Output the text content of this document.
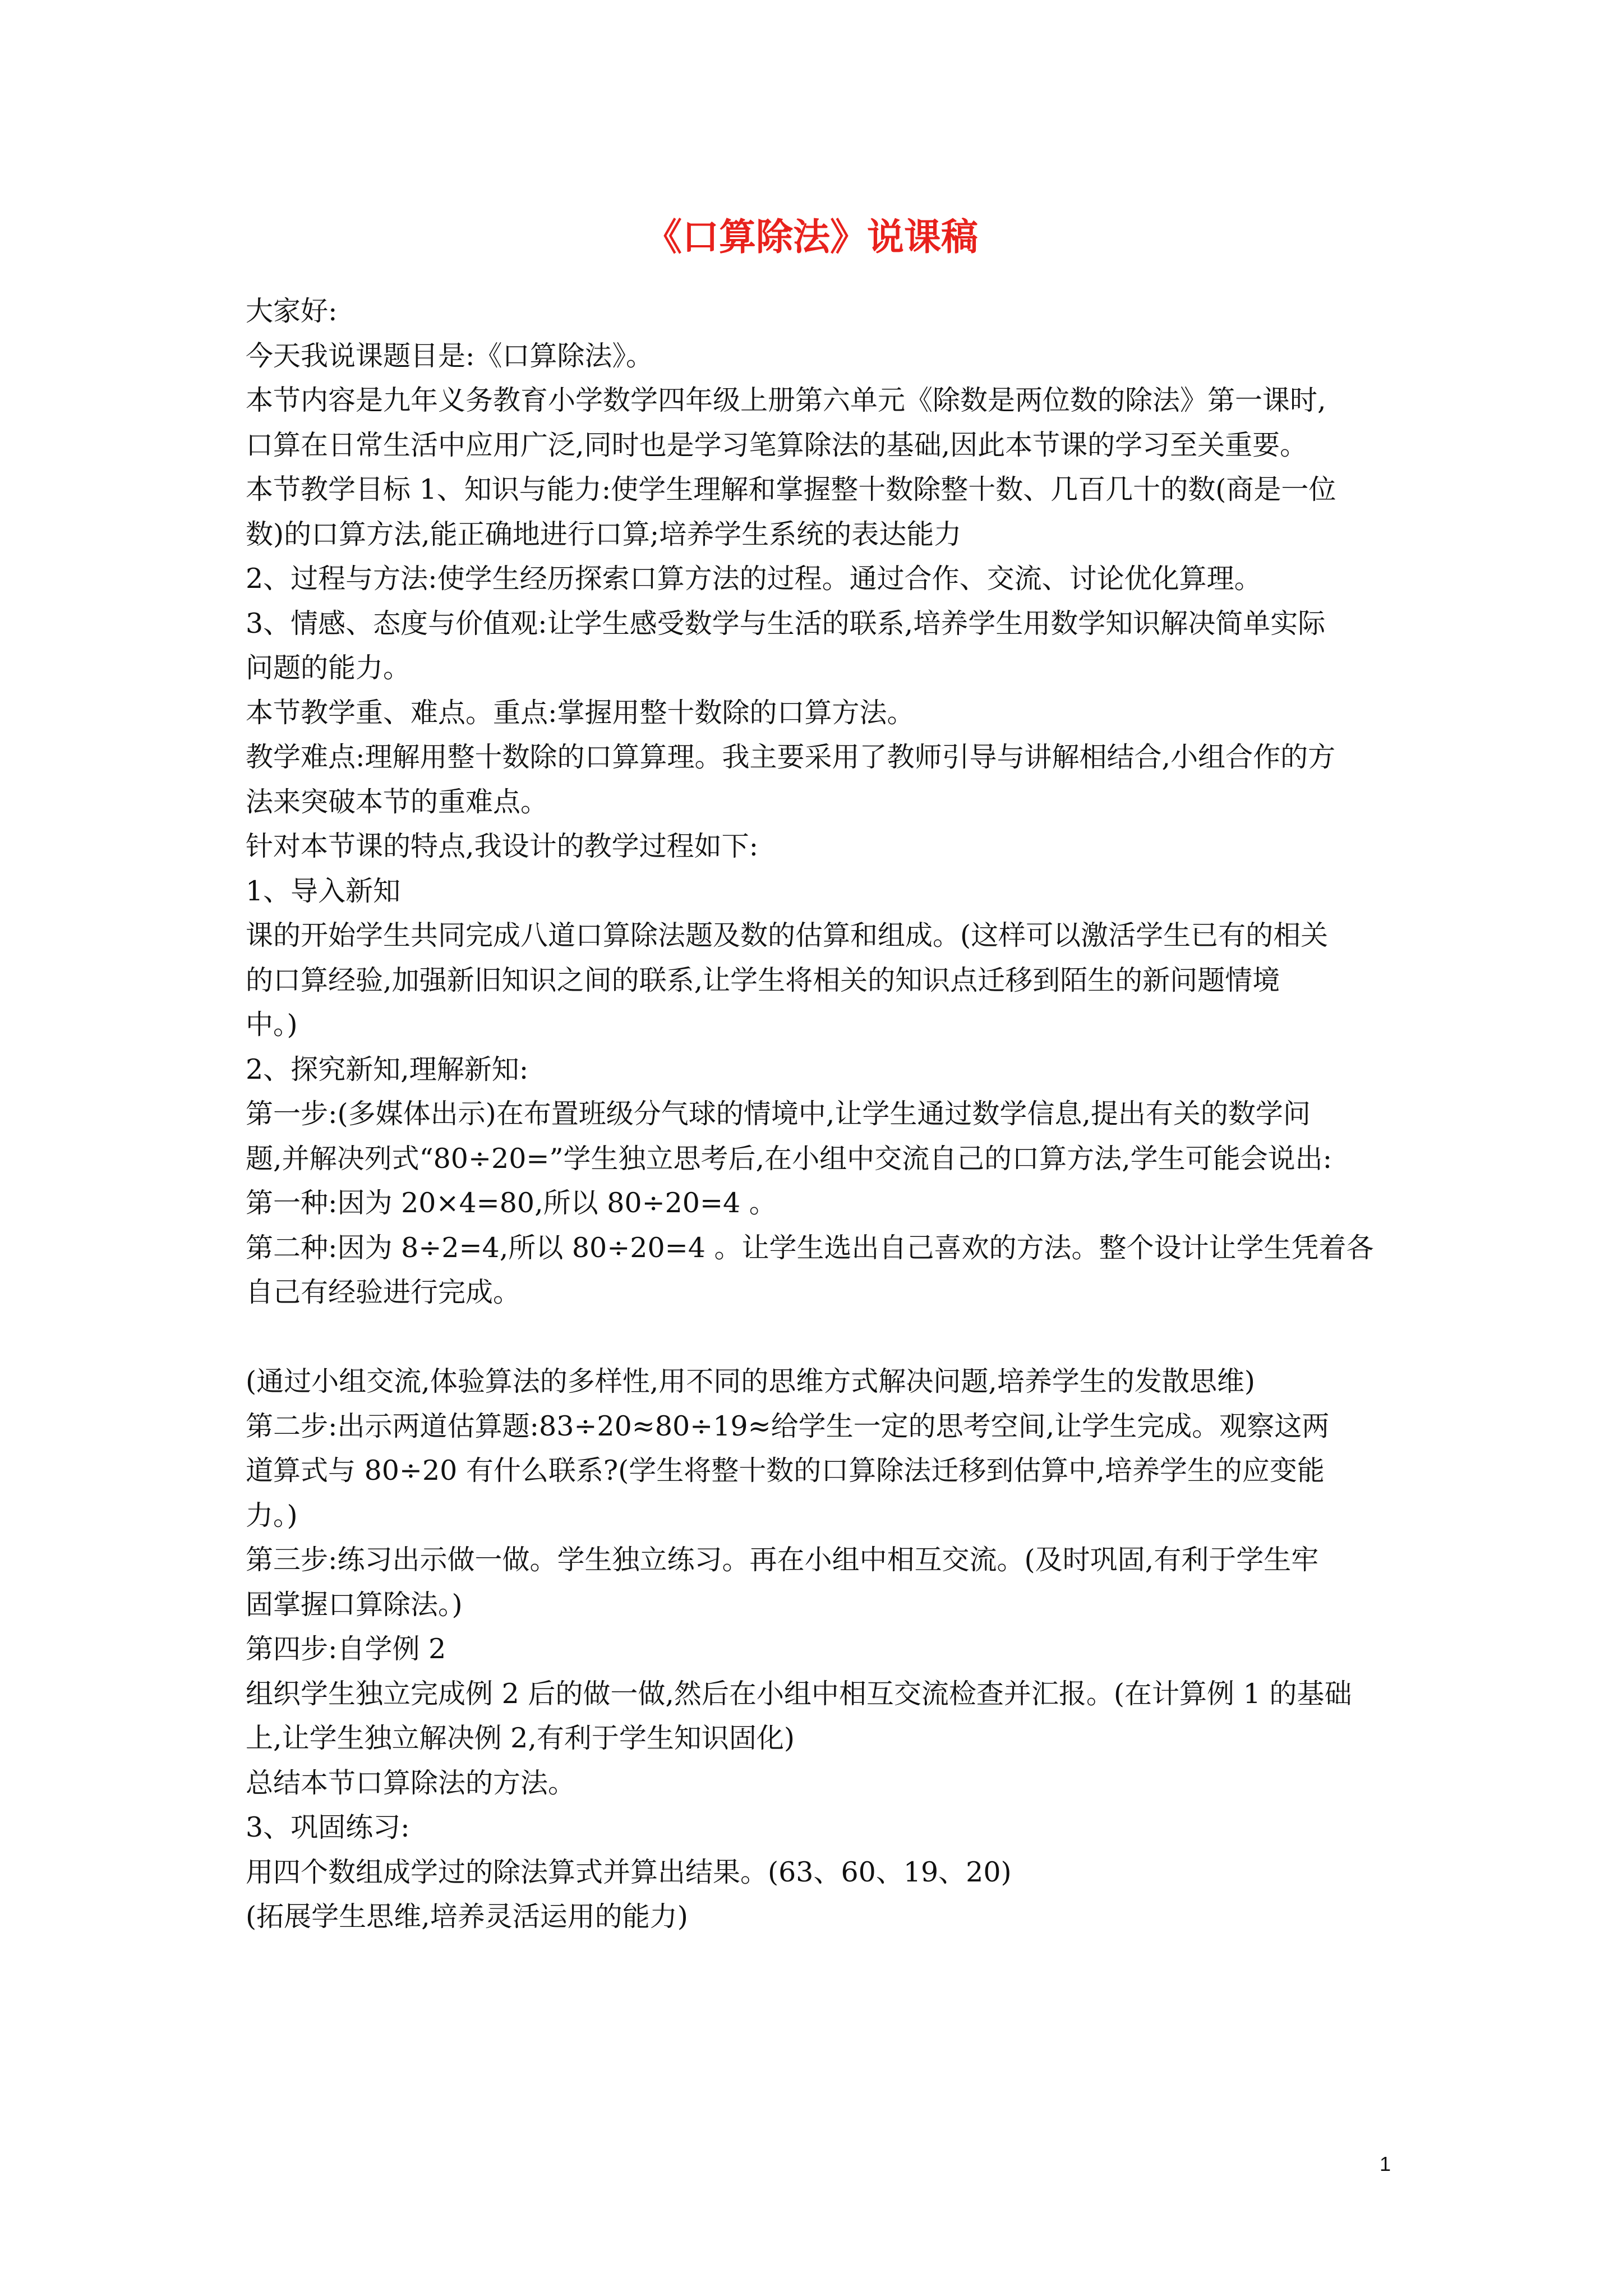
《口算除法》说课稿

大家好:

今天我说课题目是:《口算除法》。

本节内容是九年义务教育小学数学四年级上册第六单元《除数是两位数的除法》第一课时,

口算在日常生活中应用广泛,同时也是学习笔算除法的基础,因此本节课的学习至关重要。

本节教学目标 1、知识与能力:使学生理解和掌握整十数除整十数、几百几十的数(商是一位

数)的口算方法,能正确地进行口算;培养学生系统的表达能力

2、过程与方法:使学生经历探索口算方法的过程。通过合作、交流、讨论优化算理。

3、情感、态度与价值观:让学生感受数学与生活的联系,培养学生用数学知识解决简单实际

问题的能力。

本节教学重、难点。重点:掌握用整十数除的口算方法。

教学难点:理解用整十数除的口算算理。我主要采用了教师引导与讲解相结合,小组合作的方

法来突破本节的重难点。

针对本节课的特点,我设计的教学过程如下:

1、导入新知

课的开始学生共同完成八道口算除法题及数的估算和组成。(这样可以激活学生已有的相关

的口算经验,加强新旧知识之间的联系,让学生将相关的知识点迁移到陌生的新问题情境

中。)

2、探究新知,理解新知:

第一步:(多媒体出示)在布置班级分气球的情境中,让学生通过数学信息,提出有关的数学问

题,并解决列式“80÷20=”学生独立思考后,在小组中交流自己的口算方法,学生可能会说出:

第一种:因为 20×4=80,所以 80÷20=4 。

第二种:因为 8÷2=4,所以 80÷20=4 。让学生选出自己喜欢的方法。整个设计让学生凭着各

自己有经验进行完成。

(通过小组交流,体验算法的多样性,用不同的思维方式解决问题,培养学生的发散思维)

第二步:出示两道估算题:83÷20≈80÷19≈给学生一定的思考空间,让学生完成。观察这两

道算式与 80÷20 有什么联系?(学生将整十数的口算除法迁移到估算中,培养学生的应变能

力。)

第三步:练习出示做一做。学生独立练习。再在小组中相互交流。(及时巩固,有利于学生牢

固掌握口算除法。)

第四步:自学例 2

组织学生独立完成例 2 后的做一做,然后在小组中相互交流检查并汇报。(在计算例 1 的基础

上,让学生独立解决例 2,有利于学生知识固化)

总结本节口算除法的方法。

3、巩固练习:

用四个数组成学过的除法算式并算出结果。(63、60、19、20)

(拓展学生思维,培养灵活运用的能力)

1
